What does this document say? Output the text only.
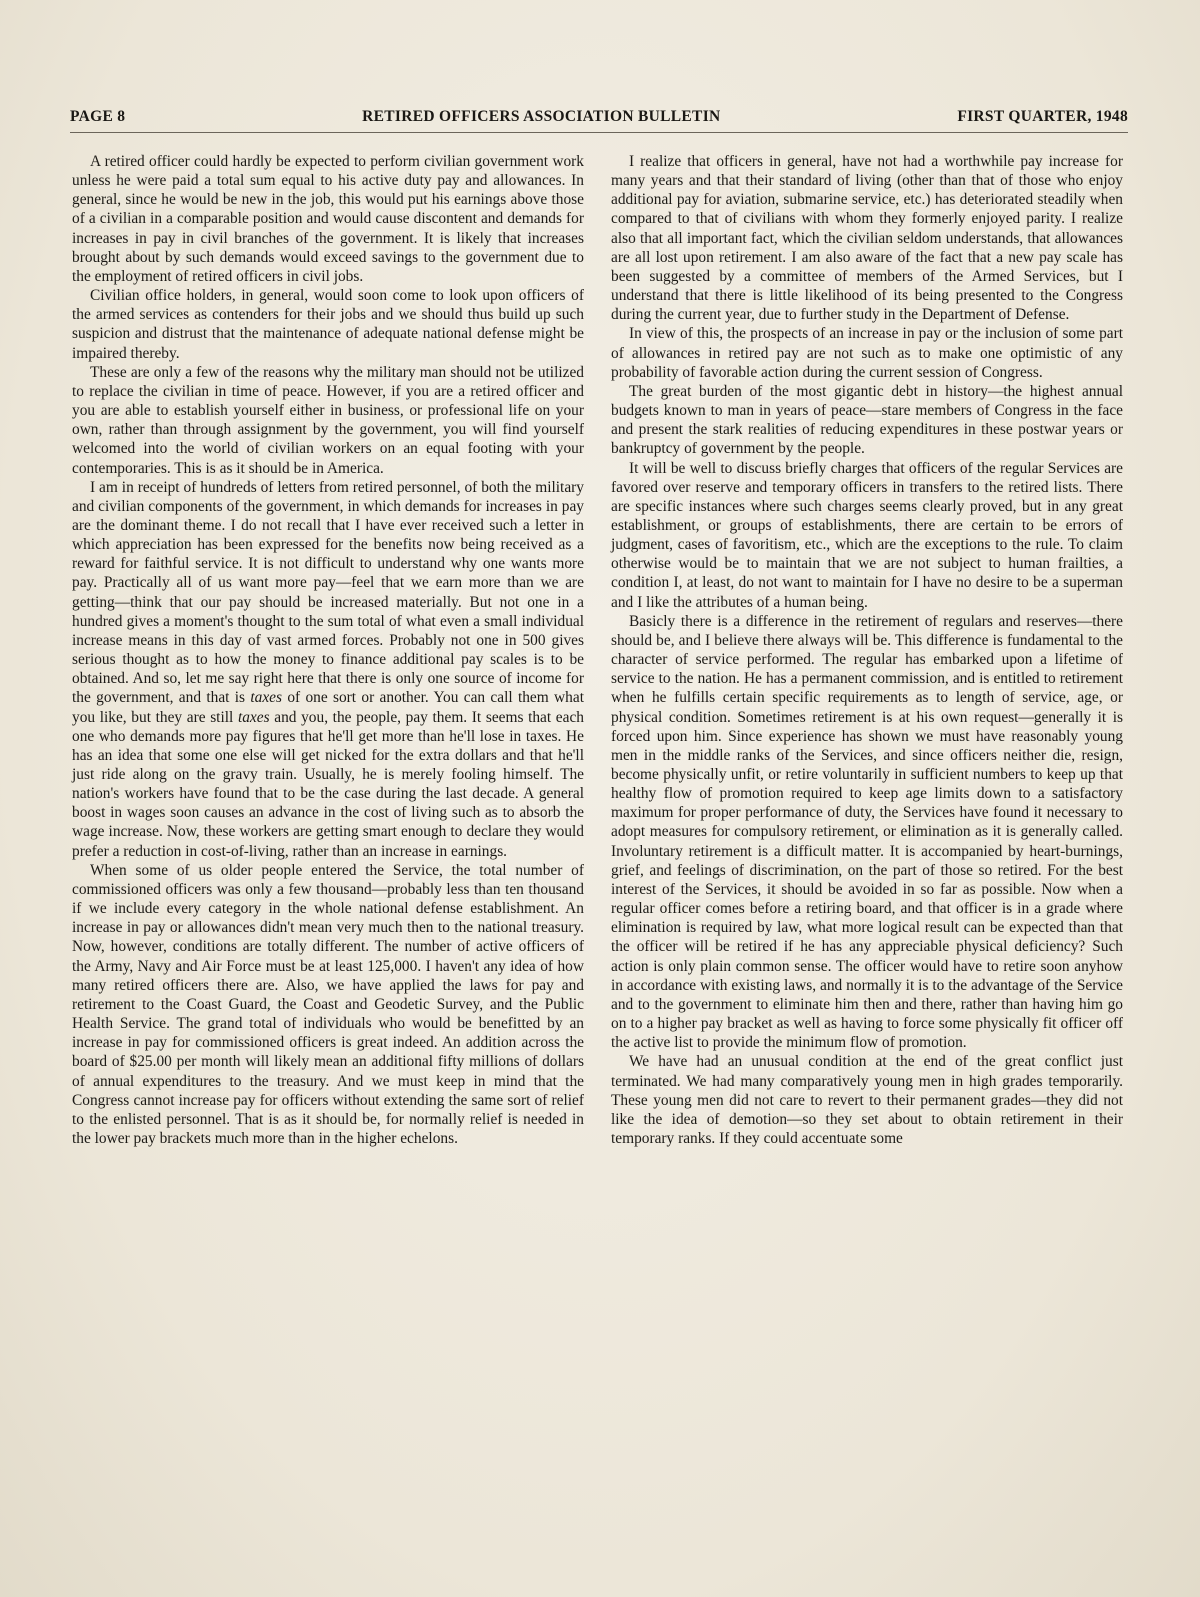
PAGE 8	RETIRED OFFICERS ASSOCIATION BULLETIN	FIRST QUARTER, 1948

A retired officer could hardly be expected to perform civilian government work unless he were paid a total sum equal to his active duty pay and allowances. In general, since he would be new in the job, this would put his earnings above those of a civilian in a comparable position and would cause discontent and demands for increases in pay in civil branches of the government. It is likely that increases brought about by such demands would exceed savings to the government due to the employment of retired officers in civil jobs.

Civilian office holders, in general, would soon come to look upon officers of the armed services as contenders for their jobs and we should thus build up such suspicion and distrust that the maintenance of adequate national defense might be impaired thereby.

These are only a few of the reasons why the military man should not be utilized to replace the civilian in time of peace. However, if you are a retired officer and you are able to establish yourself either in business, or professional life on your own, rather than through assignment by the government, you will find yourself welcomed into the world of civilian workers on an equal footing with your contemporaries. This is as it should be in America.

I am in receipt of hundreds of letters from retired personnel, of both the military and civilian components of the government, in which demands for increases in pay are the dominant theme. I do not recall that I have ever received such a letter in which appreciation has been expressed for the benefits now being received as a reward for faithful service. It is not difficult to understand why one wants more pay. Practically all of us want more pay—feel that we earn more than we are getting—think that our pay should be increased materially. But not one in a hundred gives a moment's thought to the sum total of what even a small individual increase means in this day of vast armed forces. Probably not one in 500 gives serious thought as to how the money to finance additional pay scales is to be obtained. And so, let me say right here that there is only one source of income for the government, and that is taxes of one sort or another. You can call them what you like, but they are still taxes and you, the people, pay them. It seems that each one who demands more pay figures that he'll get more than he'll lose in taxes. He has an idea that some one else will get nicked for the extra dollars and that he'll just ride along on the gravy train. Usually, he is merely fooling himself. The nation's workers have found that to be the case during the last decade. A general boost in wages soon causes an advance in the cost of living such as to absorb the wage increase. Now, these workers are getting smart enough to declare they would prefer a reduction in cost-of-living, rather than an increase in earnings.

When some of us older people entered the Service, the total number of commissioned officers was only a few thousand—probably less than ten thousand if we include every category in the whole national defense establishment. An increase in pay or allowances didn't mean very much then to the national treasury. Now, however, conditions are totally different. The number of active officers of the Army, Navy and Air Force must be at least 125,000. I haven't any idea of how many retired officers there are. Also, we have applied the laws for pay and retirement to the Coast Guard, the Coast and Geodetic Survey, and the Public Health Service. The grand total of individuals who would be benefitted by an increase in pay for commissioned officers is great indeed. An addition across the board of $25.00 per month will likely mean an additional fifty millions of dollars of annual expenditures to the treasury. And we must keep in mind that the Congress cannot increase pay for officers without extending the same sort of relief to the enlisted personnel. That is as it should be, for normally relief is needed in the lower pay brackets much more than in the higher echelons.

I realize that officers in general, have not had a worthwhile pay increase for many years and that their standard of living (other than that of those who enjoy additional pay for aviation, submarine service, etc.) has deteriorated steadily when compared to that of civilians with whom they formerly enjoyed parity. I realize also that all important fact, which the civilian seldom understands, that allowances are all lost upon retirement. I am also aware of the fact that a new pay scale has been suggested by a committee of members of the Armed Services, but I understand that there is little likelihood of its being presented to the Congress during the current year, due to further study in the Department of Defense.

In view of this, the prospects of an increase in pay or the inclusion of some part of allowances in retired pay are not such as to make one optimistic of any probability of favorable action during the current session of Congress.

The great burden of the most gigantic debt in history—the highest annual budgets known to man in years of peace—stare members of Congress in the face and present the stark realities of reducing expenditures in these postwar years or bankruptcy of government by the people.

It will be well to discuss briefly charges that officers of the regular Services are favored over reserve and temporary officers in transfers to the retired lists. There are specific instances where such charges seems clearly proved, but in any great establishment, or groups of establishments, there are certain to be errors of judgment, cases of favoritism, etc., which are the exceptions to the rule. To claim otherwise would be to maintain that we are not subject to human frailties, a condition I, at least, do not want to maintain for I have no desire to be a superman and I like the attributes of a human being.

Basicly there is a difference in the retirement of regulars and reserves—there should be, and I believe there always will be. This difference is fundamental to the character of service performed. The regular has embarked upon a lifetime of service to the nation. He has a permanent commission, and is entitled to retirement when he fulfills certain specific requirements as to length of service, age, or physical condition. Sometimes retirement is at his own request—generally it is forced upon him. Since experience has shown we must have reasonably young men in the middle ranks of the Services, and since officers neither die, resign, become physically unfit, or retire voluntarily in sufficient numbers to keep up that healthy flow of promotion required to keep age limits down to a satisfactory maximum for proper performance of duty, the Services have found it necessary to adopt measures for compulsory retirement, or elimination as it is generally called. Involuntary retirement is a difficult matter. It is accompanied by heart-burnings, grief, and feelings of discrimination, on the part of those so retired. For the best interest of the Services, it should be avoided in so far as possible. Now when a regular officer comes before a retiring board, and that officer is in a grade where elimination is required by law, what more logical result can be expected than that the officer will be retired if he has any appreciable physical deficiency? Such action is only plain common sense. The officer would have to retire soon anyhow in accordance with existing laws, and normally it is to the advantage of the Service and to the government to eliminate him then and there, rather than having him go on to a higher pay bracket as well as having to force some physically fit officer off the active list to provide the minimum flow of promotion.

We have had an unusual condition at the end of the great conflict just terminated. We had many comparatively young men in high grades temporarily. These young men did not care to revert to their permanent grades—they did not like the idea of demotion—so they set about to obtain retirement in their temporary ranks. If they could accentuate some
